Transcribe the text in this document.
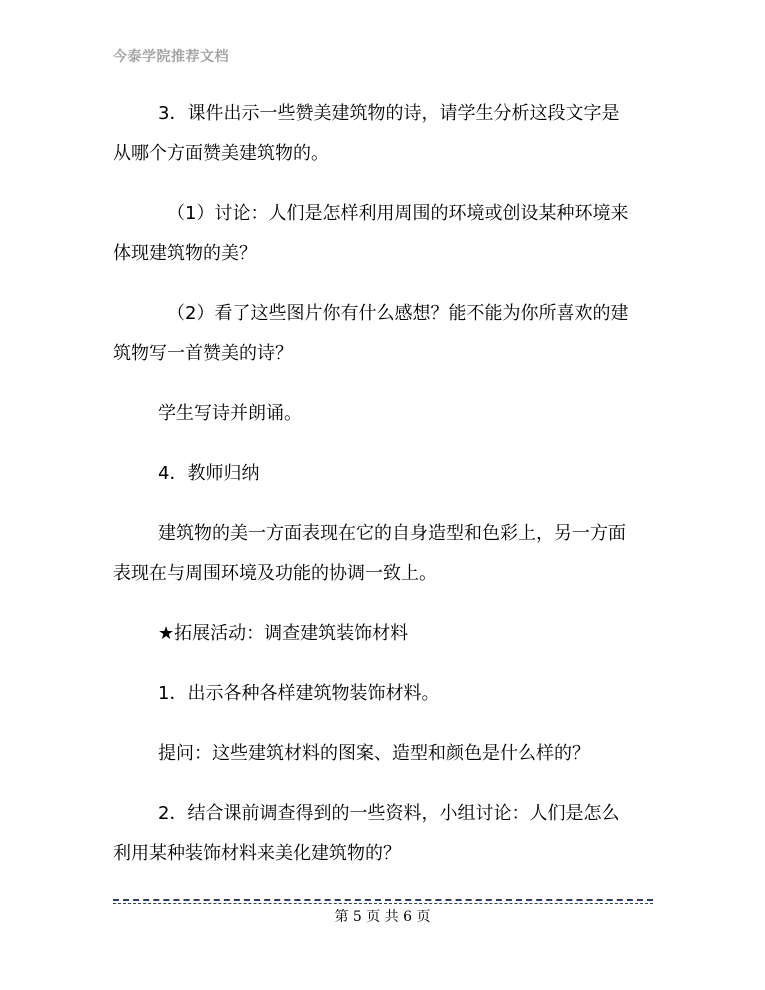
今泰学院推荐文档
3．课件出示一些赞美建筑物的诗，请学生分析这段文字是
从哪个方面赞美建筑物的。
（1）讨论：人们是怎样利用周围的环境或创设某种环境来
体现建筑物的美？
（2）看了这些图片你有什么感想？能不能为你所喜欢的建
筑物写一首赞美的诗？
学生写诗并朗诵。
4．教师归纳
建筑物的美一方面表现在它的自身造型和色彩上，另一方面
表现在与周围环境及功能的协调一致上。
★拓展活动：调查建筑装饰材料
1．出示各种各样建筑物装饰材料。
提问：这些建筑材料的图案、造型和颜色是什么样的？
2．结合课前调查得到的一些资料，小组讨论：人们是怎么
利用某种装饰材料来美化建筑物的？
第 5 页 共 6 页
